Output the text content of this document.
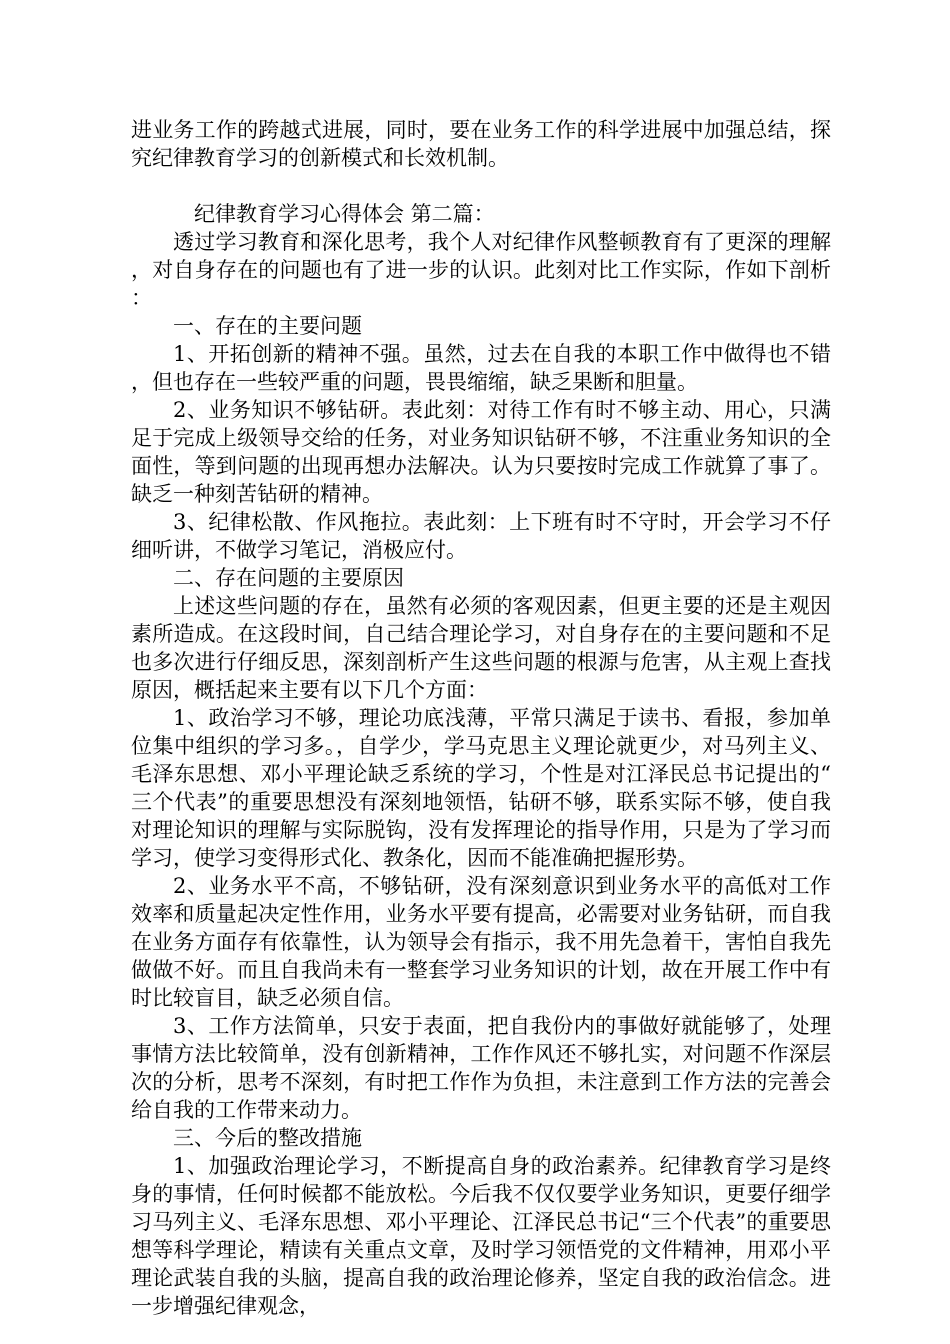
进业务工作的跨越式进展，同时，要在业务工作的科学进展中加强总结，探究纪律教育学习的创新模式和长效机制。

纪律教育学习心得体会 第二篇：

透过学习教育和深化思考，我个人对纪律作风整顿教育有了更深的理解，对自身存在的问题也有了进一步的认识。此刻对比工作实际，作如下剖析：

一、存在的主要问题

1、开拓创新的精神不强。虽然，过去在自我的本职工作中做得也不错，但也存在一些较严重的问题，畏畏缩缩，缺乏果断和胆量。

2、业务知识不够钻研。表此刻：对待工作有时不够主动、用心，只满足于完成上级领导交给的任务，对业务知识钻研不够，不注重业务知识的全面性，等到问题的出现再想办法解决。认为只要按时完成工作就算了事了。缺乏一种刻苦钻研的精神。

3、纪律松散、作风拖拉。表此刻：上下班有时不守时，开会学习不仔细听讲，不做学习笔记，消极应付。

二、存在问题的主要原因

上述这些问题的存在，虽然有必须的客观因素，但更主要的还是主观因素所造成。在这段时间，自己结合理论学习，对自身存在的主要问题和不足也多次进行仔细反思，深刻剖析产生这些问题的根源与危害，从主观上查找原因，概括起来主要有以下几个方面：

1、政治学习不够，理论功底浅薄，平常只满足于读书、看报，参加单位集中组织的学习多。，自学少，学马克思主义理论就更少，对马列主义、毛泽东思想、邓小平理论缺乏系统的学习，个性是对江泽民总书记提出的“三个代表”的重要思想没有深刻地领悟，钻研不够，联系实际不够，使自我对理论知识的理解与实际脱钩，没有发挥理论的指导作用，只是为了学习而学习，使学习变得形式化、教条化，因而不能准确把握形势。

2、业务水平不高，不够钻研，没有深刻意识到业务水平的高低对工作效率和质量起决定性作用，业务水平要有提高，必需要对业务钻研，而自我在业务方面存有依靠性，认为领导会有指示，我不用先急着干，害怕自我先做做不好。而且自我尚未有一整套学习业务知识的计划，故在开展工作中有时比较盲目，缺乏必须自信。

3、工作方法简单，只安于表面，把自我份内的事做好就能够了，处理事情方法比较简单，没有创新精神，工作作风还不够扎实，对问题不作深层次的分析，思考不深刻，有时把工作作为负担，未注意到工作方法的完善会给自我的工作带来动力。

三、今后的整改措施

1、加强政治理论学习，不断提高自身的政治素养。纪律教育学习是终身的事情，任何时候都不能放松。今后我不仅仅要学业务知识，更要仔细学习马列主义、毛泽东思想、邓小平理论、江泽民总书记“三个代表”的重要思想等科学理论，精读有关重点文章，及时学习领悟党的文件精神，用邓小平理论武装自我的头脑，提高自我的政治理论修养，坚定自我的政治信念。进一步增强纪律观念，
